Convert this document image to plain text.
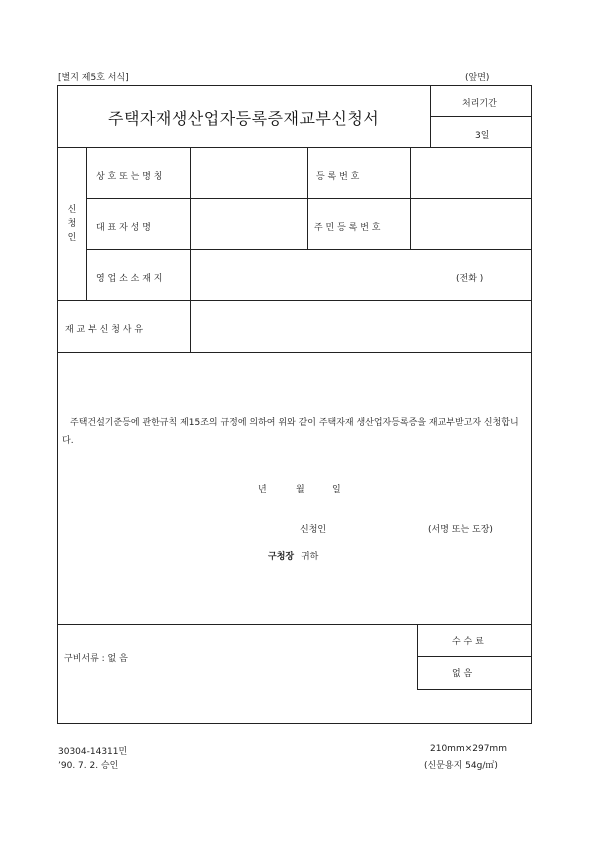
[별지 제5호 서식]	(앞면)
주택자재생산업자등록증재교부신청서
처리기간
3일
신
청
인
상 호 또 는 명 칭	등 록 번 호
대 표 자 성 명	주 민 등 록 번 호
영 업 소 소 재 지	(전화 )
재 교 부 신 청 사 유
주택건설기준등에 관한규칙 제15조의 규정에 의하여 위와 같이 주택자재 생산업자등록증을 재교부받고자 신청합니다.
년	월	일
신청인	(서명 또는 도장)
구청장 귀하
구비서류 : 없 음
수 수 료
없 음
30304-14311민
’90. 7. 2. 승인
210mm×297mm
(신문용지 54g/㎡)
